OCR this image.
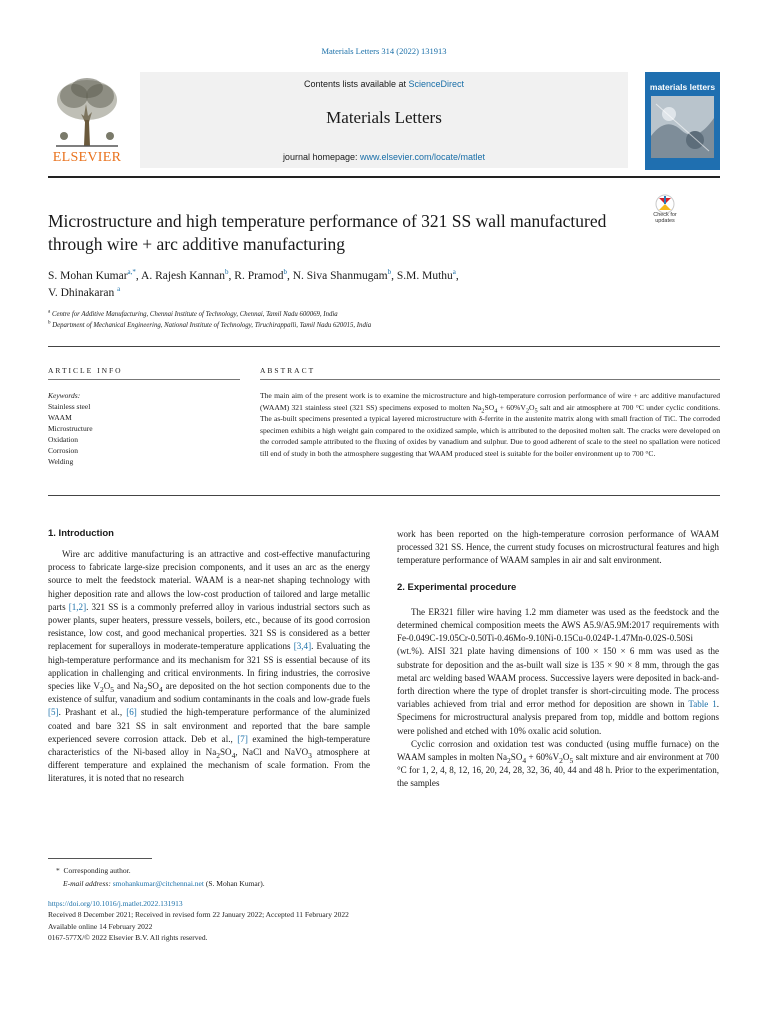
Materials Letters 314 (2022) 131913
ELSEVIER
Contents lists available at ScienceDirect
Materials Letters
journal homepage: www.elsevier.com/locate/matlet
materials letters
Microstructure and high temperature performance of 321 SS wall manufactured through wire + arc additive manufacturing
Check for
updates
S. Mohan Kumar$^{a,*}$, A. Rajesh Kannan$^b$, R. Pramod$^b$, N. Siva Shanmugam$^b$, S.M. Muthu$^a$,
V. Dhinakaran $^a$
$^a$ Centre for Additive Manufacturing, Chennai Institute of Technology, Chennai, Tamil Nadu 600069, India
$^b$ Department of Mechanical Engineering, National Institute of Technology, Tiruchirappalli, Tamil Nadu 620015, India
ARTICLE INFO	ABSTRACT
Keywords:
Stainless steel
WAAM
Microstructure
Oxidation
Corrosion
Welding
The main aim of the present work is to examine the microstructure and high-temperature corrosion performance of wire + arc additive manufactured (WAAM) 321 stainless steel (321 SS) specimens exposed to molten $Na_2SO_4 + 60\%V_2O_5$ salt and air atmosphere at 700 °C under cyclic conditions. The as-built specimens presented a typical layered microstructure with δ-ferrite in the austenite matrix along with small fraction of TiC. The corroded specimen exhibits a high weight gain compared to the oxidized sample, which is attributed to the deposited molten salt. The cracks were developed on the corroded sample attributed to the fluxing of oxides by vanadium and sulphur. Due to good adherent of scale to the steel no spallation were noticed till end of study in both the atmosphere suggesting that WAAM produced steel is suitable for the boiler environment up to 700 °C.
1. Introduction

Wire arc additive manufacturing is an attractive and cost-effective manufacturing process to fabricate large-size precision components, and it uses an arc as the energy source to melt the feedstock material. WAAM is a near-net shaping technology with higher deposition rate and allows the low-cost production of tailored and large metallic parts [1,2]. 321 SS is a commonly preferred alloy in various industrial sectors such as power plants, super heaters, pressure vessels, boilers, etc., because of its good corrosion resistance, low cost, and good mechanical properties. 321 SS is considered as a better replacement for superalloys in moderate-temperature applications [3,4]. Evaluating the high-temperature performance and its mechanism for 321 SS is essential because of its application in challenging and critical environments. In firing industries, the corrosive species like $V_2O_5$ and $Na_2SO_4$ are deposited on the hot section components due to the existence of sulfur, vanadium and sodium contaminants in the coals and low-grade fuels [5]. Prashant et al., [6] studied the high-temperature performance of the aluminized coated and bare 321 SS in salt environment and reported that the bare sample experienced severe corrosion attack. Deb et al., [7] examined the high-temperature characteristics of the Ni-based alloy in $Na_2SO_4$, NaCl and NaVO$_3$ atmosphere at different temperature and explained the mechanism of scale formation. From the literatures, it is noted that no research

work has been reported on the high-temperature corrosion performance of WAAM processed 321 SS. Hence, the current study focuses on microstructural features and high temperature performance of WAAM samples in air and salt environment.

2. Experimental procedure

The ER321 filler wire having 1.2 mm diameter was used as the feedstock and the determined chemical composition meets the AWS A5.9/A5.9M:2017 requirements with Fe-0.049C-19.05Cr-0.50Ti-0.46Mo-9.10Ni-0.15Cu-0.024P-1.47Mn-0.02S-0.50Si (wt.%). AISI 321 plate having dimensions of 100 × 150 × 6 mm was used as the substrate for deposition and the as-built wall size is 135 × 90 × 8 mm, through the gas metal arc welding based WAAM process. Successive layers were deposited in back-and-forth direction where the type of droplet transfer is short-circuiting mode. The process variables achieved from trial and error method for deposition are shown in Table 1. Specimens for microstructural analysis prepared from top, middle and bottom regions were polished and etched with 10% oxalic acid solution.

Cyclic corrosion and oxidation test was conducted (using muffle furnace) on the WAAM samples in molten $Na_2SO_4 + 60\%V_2O_5$ salt mixture and air environment at 700 °C for 1, 2, 4, 8, 12, 16, 20, 24, 28, 32, 36, 40, 44 and 48 h. Prior to the experimentation, the samples

* Corresponding author.
E-mail address: smohankumar@citchennai.net (S. Mohan Kumar).
https://doi.org/10.1016/j.matlet.2022.131913
Received 8 December 2021; Received in revised form 22 January 2022; Accepted 11 February 2022
Available online 14 February 2022
0167-577X/© 2022 Elsevier B.V. All rights reserved.
